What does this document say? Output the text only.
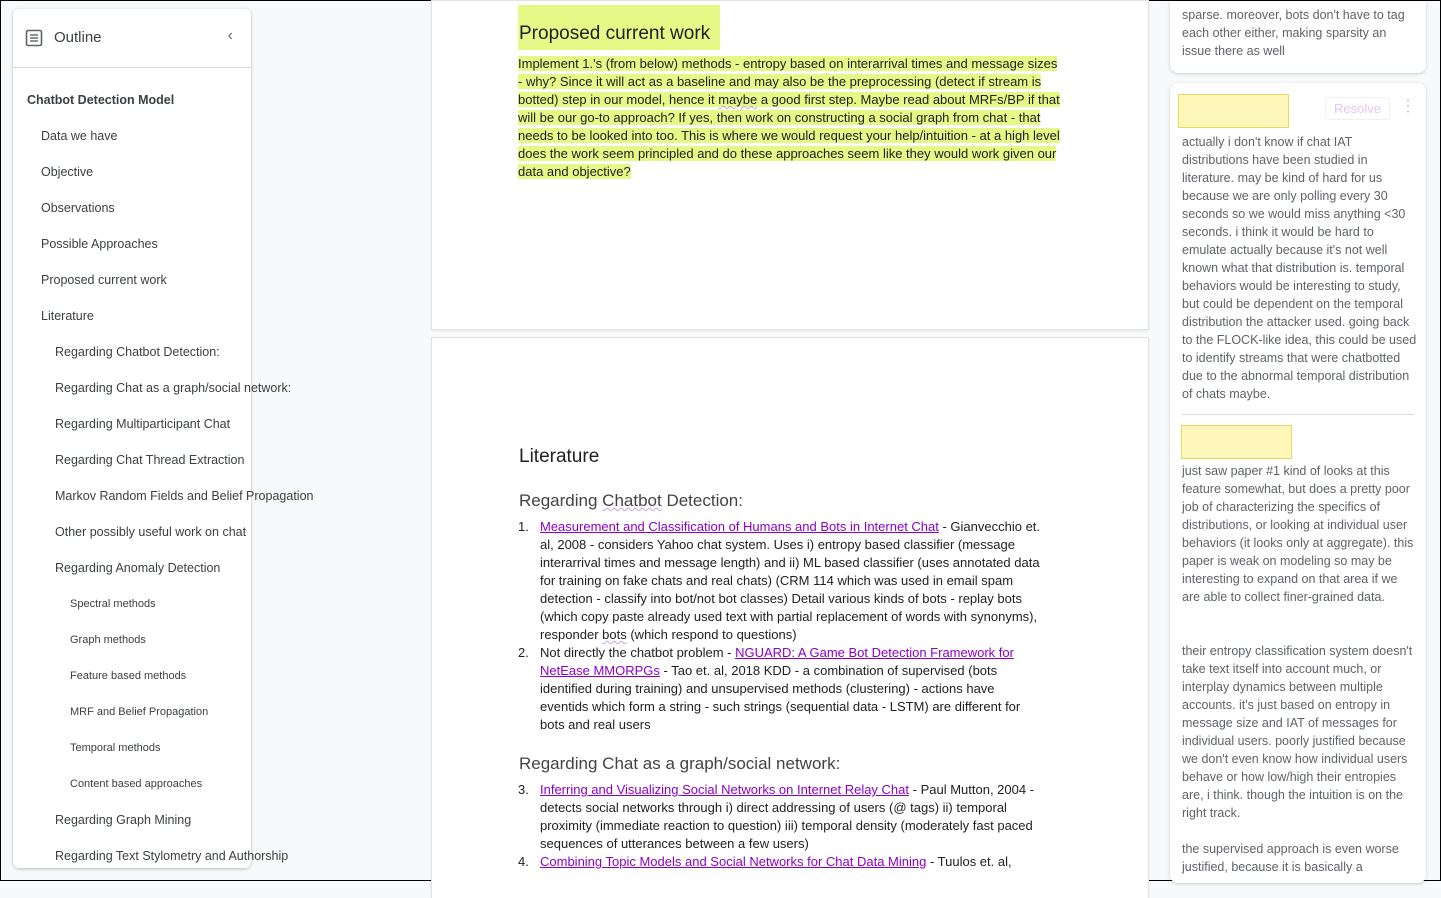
Outline	‹
Chatbot Detection Model
Data we have
Objective
Observations
Possible Approaches
Proposed current work
Literature
Regarding Chatbot Detection:
Regarding Chat as a graph/social network:
Regarding Multiparticipant Chat
Regarding Chat Thread Extraction
Markov Random Fields and Belief Propagation
Other possibly useful work on chat
Regarding Anomaly Detection
Spectral methods
Graph methods
Feature based methods
MRF and Belief Propagation
Temporal methods
Content based approaches
Regarding Graph Mining
Regarding Text Stylometry and Authorship
Proposed current work
Implement 1.'s (from below) methods - entropy based on interarrival times and message sizes - why? Since it will act as a baseline and may also be the preprocessing (detect if stream is botted) step in our model, hence it maybe a good first step. Maybe read about MRFs/BP if that will be our go-to approach? If yes, then work on constructing a social graph from chat - that needs to be looked into too. This is where we would request your help/intuition - at a high level does the work seem principled and do these approaches seem like they would work given our data and objective?
Literature
Regarding Chatbot Detection:
Regarding Chat as a graph/social network:
1. Measurement and Classification of Humans and Bots in Internet Chat - Gianvecchio et. al, 2008 - considers Yahoo chat system. Uses i) entropy based classifier (message interarrival times and message length) and ii) ML based classifier (uses annotated data for training on fake chats and real chats) (CRM 114 which was used in email spam detection - classify into bot/not bot classes) Detail various kinds of bots - replay bots (which copy paste already used text with partial replacement of words with synonyms), responder bots (which respond to questions)
2. Not directly the chatbot problem - NGUARD: A Game Bot Detection Framework for NetEase MMORPGs - Tao et. al, 2018 KDD - a combination of supervised (bots identified during training) and unsupervised methods (clustering) - actions have eventids which form a string - such strings (sequential data - LSTM) are different for bots and real users
3. Inferring and Visualizing Social Networks on Internet Relay Chat - Paul Mutton, 2004 - detects social networks through i) direct addressing of users (@ tags) ii) temporal proximity (immediate reaction to question) iii) temporal density (moderately fast paced sequences of utterances between a few users)
4. Combining Topic Models and Social Networks for Chat Data Mining - Tuulos et. al,
sparse. moreover, bots don't have to tag each other either, making sparsity an issue there as well
Resolve	⋮
actually i don't know if chat IAT distributions have been studied in literature. may be kind of hard for us because we are only polling every 30 seconds so we would miss anything <30 seconds. i think it would be hard to emulate actually because it's not well known what that distribution is. temporal behaviors would be interesting to study, but could be dependent on the temporal distribution the attacker used. going back to the FLOCK-like idea, this could be used to identify streams that were chatbotted due to the abnormal temporal distribution of chats maybe.
just saw paper #1 kind of looks at this feature somewhat, but does a pretty poor job of characterizing the specifics of distributions, or looking at individual user behaviors (it looks only at aggregate). this paper is weak on modeling so may be interesting to expand on that area if we are able to collect finer-grained data.
their entropy classification system doesn't take text itself into account much, or interplay dynamics between multiple accounts. it's just based on entropy in message size and IAT of messages for individual users. poorly justified because we don't even know how individual users behave or how low/high their entropies are, i think. though the intuition is on the right track.
the supervised approach is even worse justified, because it is basically a
